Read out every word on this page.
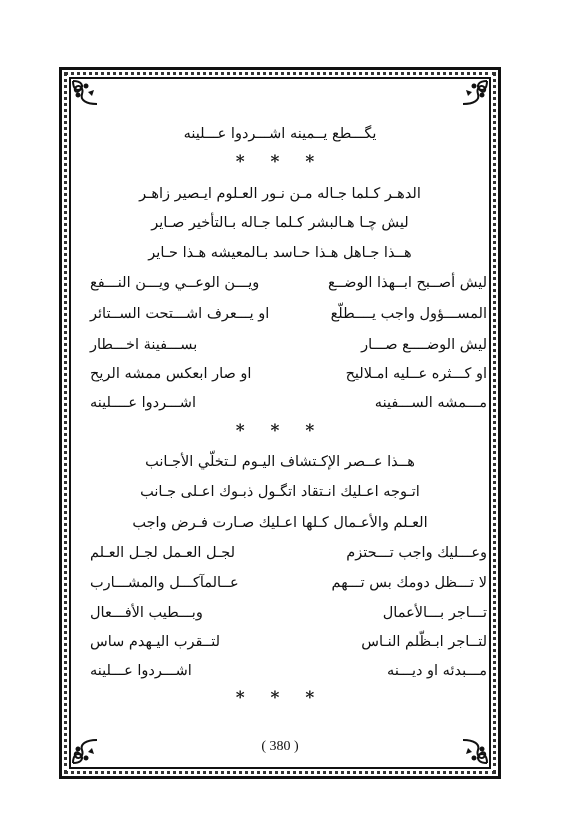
يگـــطع يــمينه اشـــردوا عـــلينه
* * *
الدهـر كـلما جـاله مـن نـور العـلوم ايـصير زاهـر
ليش چـا هـالبشر كـلما جـاله بـالتأخير صـاير
هــذا جـاهل هـذا حـاسد بـالمعيشه هـذا حـاير
ليش أصــبح ابــهذا الوضــع
ويـــن الوعــي ويـــن النـــفع
المســـؤول واجب يــــطلّع
او يـــعرف اشـــتحت الســتائر
ليش الوضــــع صـــار
بســـفينة اخـــطار
او كـــثره عــليه امـلاليح
او صار ابعكس ممشه الريح
مـــمشه الســـفينه
اشـــردوا عــــلينه
* * *
هــذا عــصر الإكـتشاف اليـوم لـتخلّي الأجـانب
اتـوجه اعـليك انـتقاد اتگـول ذبـوك اعـلى جـانب
العـلم والأعـمال كـلها اعـليك صـارت فـرض واجب
وعـــليك واجب تـــحتزم
لجـل العـمل لجـل العـلم
لا تـــظل دومك بس تـــهم
عــالمآكـــل والمشـــارب
تـــاجر بـــالأعمال
وبـــطيب الأفـــعال
لتــاجر ابـظّلم النـاس
لتــقرب اليـهدم ساس
مـــبدئه او ديـــنه
اشـــردوا عـــلينه
* * *
( 380 )
